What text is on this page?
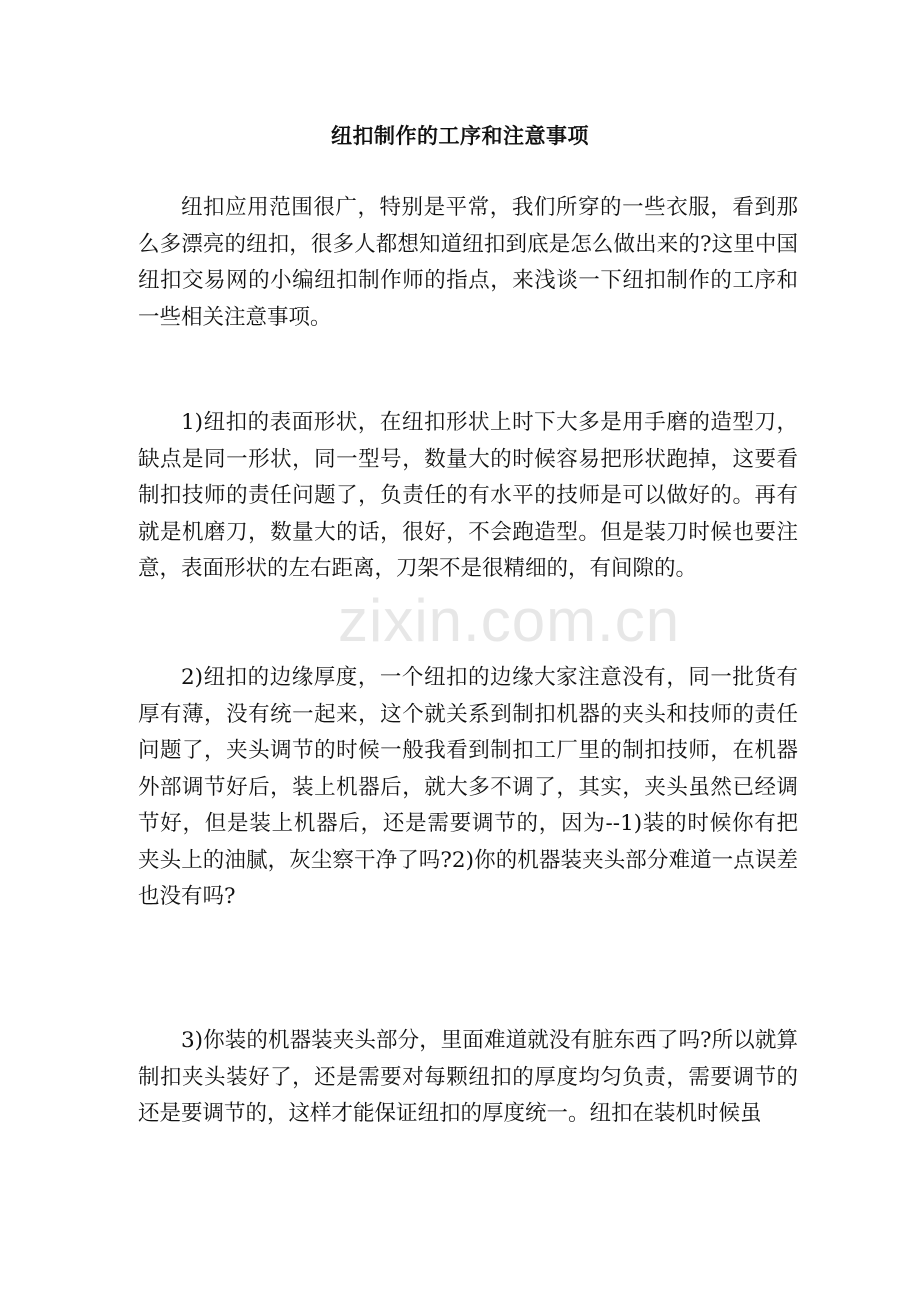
纽扣制作的工序和注意事项

纽扣应用范围很广，特别是平常，我们所穿的一些衣服，看到那么多漂亮的纽扣，很多人都想知道纽扣到底是怎么做出来的?这里中国纽扣交易网的小编纽扣制作师的指点，来浅谈一下纽扣制作的工序和一些相关注意事项。

1)纽扣的表面形状，在纽扣形状上时下大多是用手磨的造型刀，缺点是同一形状，同一型号，数量大的时候容易把形状跑掉，这要看制扣技师的责任问题了，负责任的有水平的技师是可以做好的。再有就是机磨刀，数量大的话，很好，不会跑造型。但是装刀时候也要注意，表面形状的左右距离，刀架不是很精细的，有间隙的。

2)纽扣的边缘厚度，一个纽扣的边缘大家注意没有，同一批货有厚有薄，没有统一起来，这个就关系到制扣机器的夹头和技师的责任问题了，夹头调节的时候一般我看到制扣工厂里的制扣技师，在机器外部调节好后，装上机器后，就大多不调了，其实，夹头虽然已经调节好，但是装上机器后，还是需要调节的，因为--1)装的时候你有把夹头上的油腻，灰尘察干净了吗?2)你的机器装夹头部分难道一点误差也没有吗?

3)你装的机器装夹头部分，里面难道就没有脏东西了吗?所以就算制扣夹头装好了，还是需要对每颗纽扣的厚度均匀负责，需要调节的还是要调节的，这样才能保证纽扣的厚度统一。纽扣在装机时候虽

zixin.com.cn
